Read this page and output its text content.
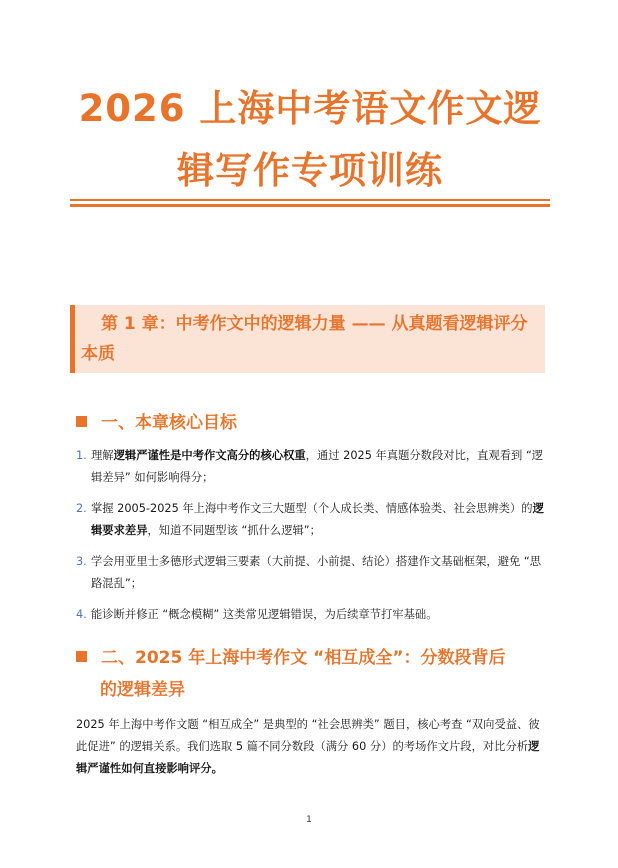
2026 上海中考语文作文逻
辑写作专项训练
第 1 章：中考作文中的逻辑力量 —— 从真题看逻辑评分本质
一、本章核心目标
1. 理解逻辑严谨性是中考作文高分的核心权重，通过 2025 年真题分数段对比，直观看到 “逻辑差异” 如何影响得分；
2. 掌握 2005-2025 年上海中考作文三大题型（个人成长类、情感体验类、社会思辨类）的逻辑要求差异，知道不同题型该 “抓什么逻辑”；
3. 学会用亚里士多德形式逻辑三要素（大前提、小前提、结论）搭建作文基础框架，避免 “思路混乱”；
4. 能诊断并修正 “概念模糊” 这类常见逻辑错误，为后续章节打牢基础。
二、2025 年上海中考作文 “相互成全”：分数段背后
的逻辑差异
2025 年上海中考作文题 “相互成全” 是典型的 “社会思辨类” 题目，核心考查 “双向受益、彼此促进” 的逻辑关系。我们选取 5 篇不同分数段（满分 60 分）的考场作文片段，对比分析逻辑严谨性如何直接影响评分。
1
